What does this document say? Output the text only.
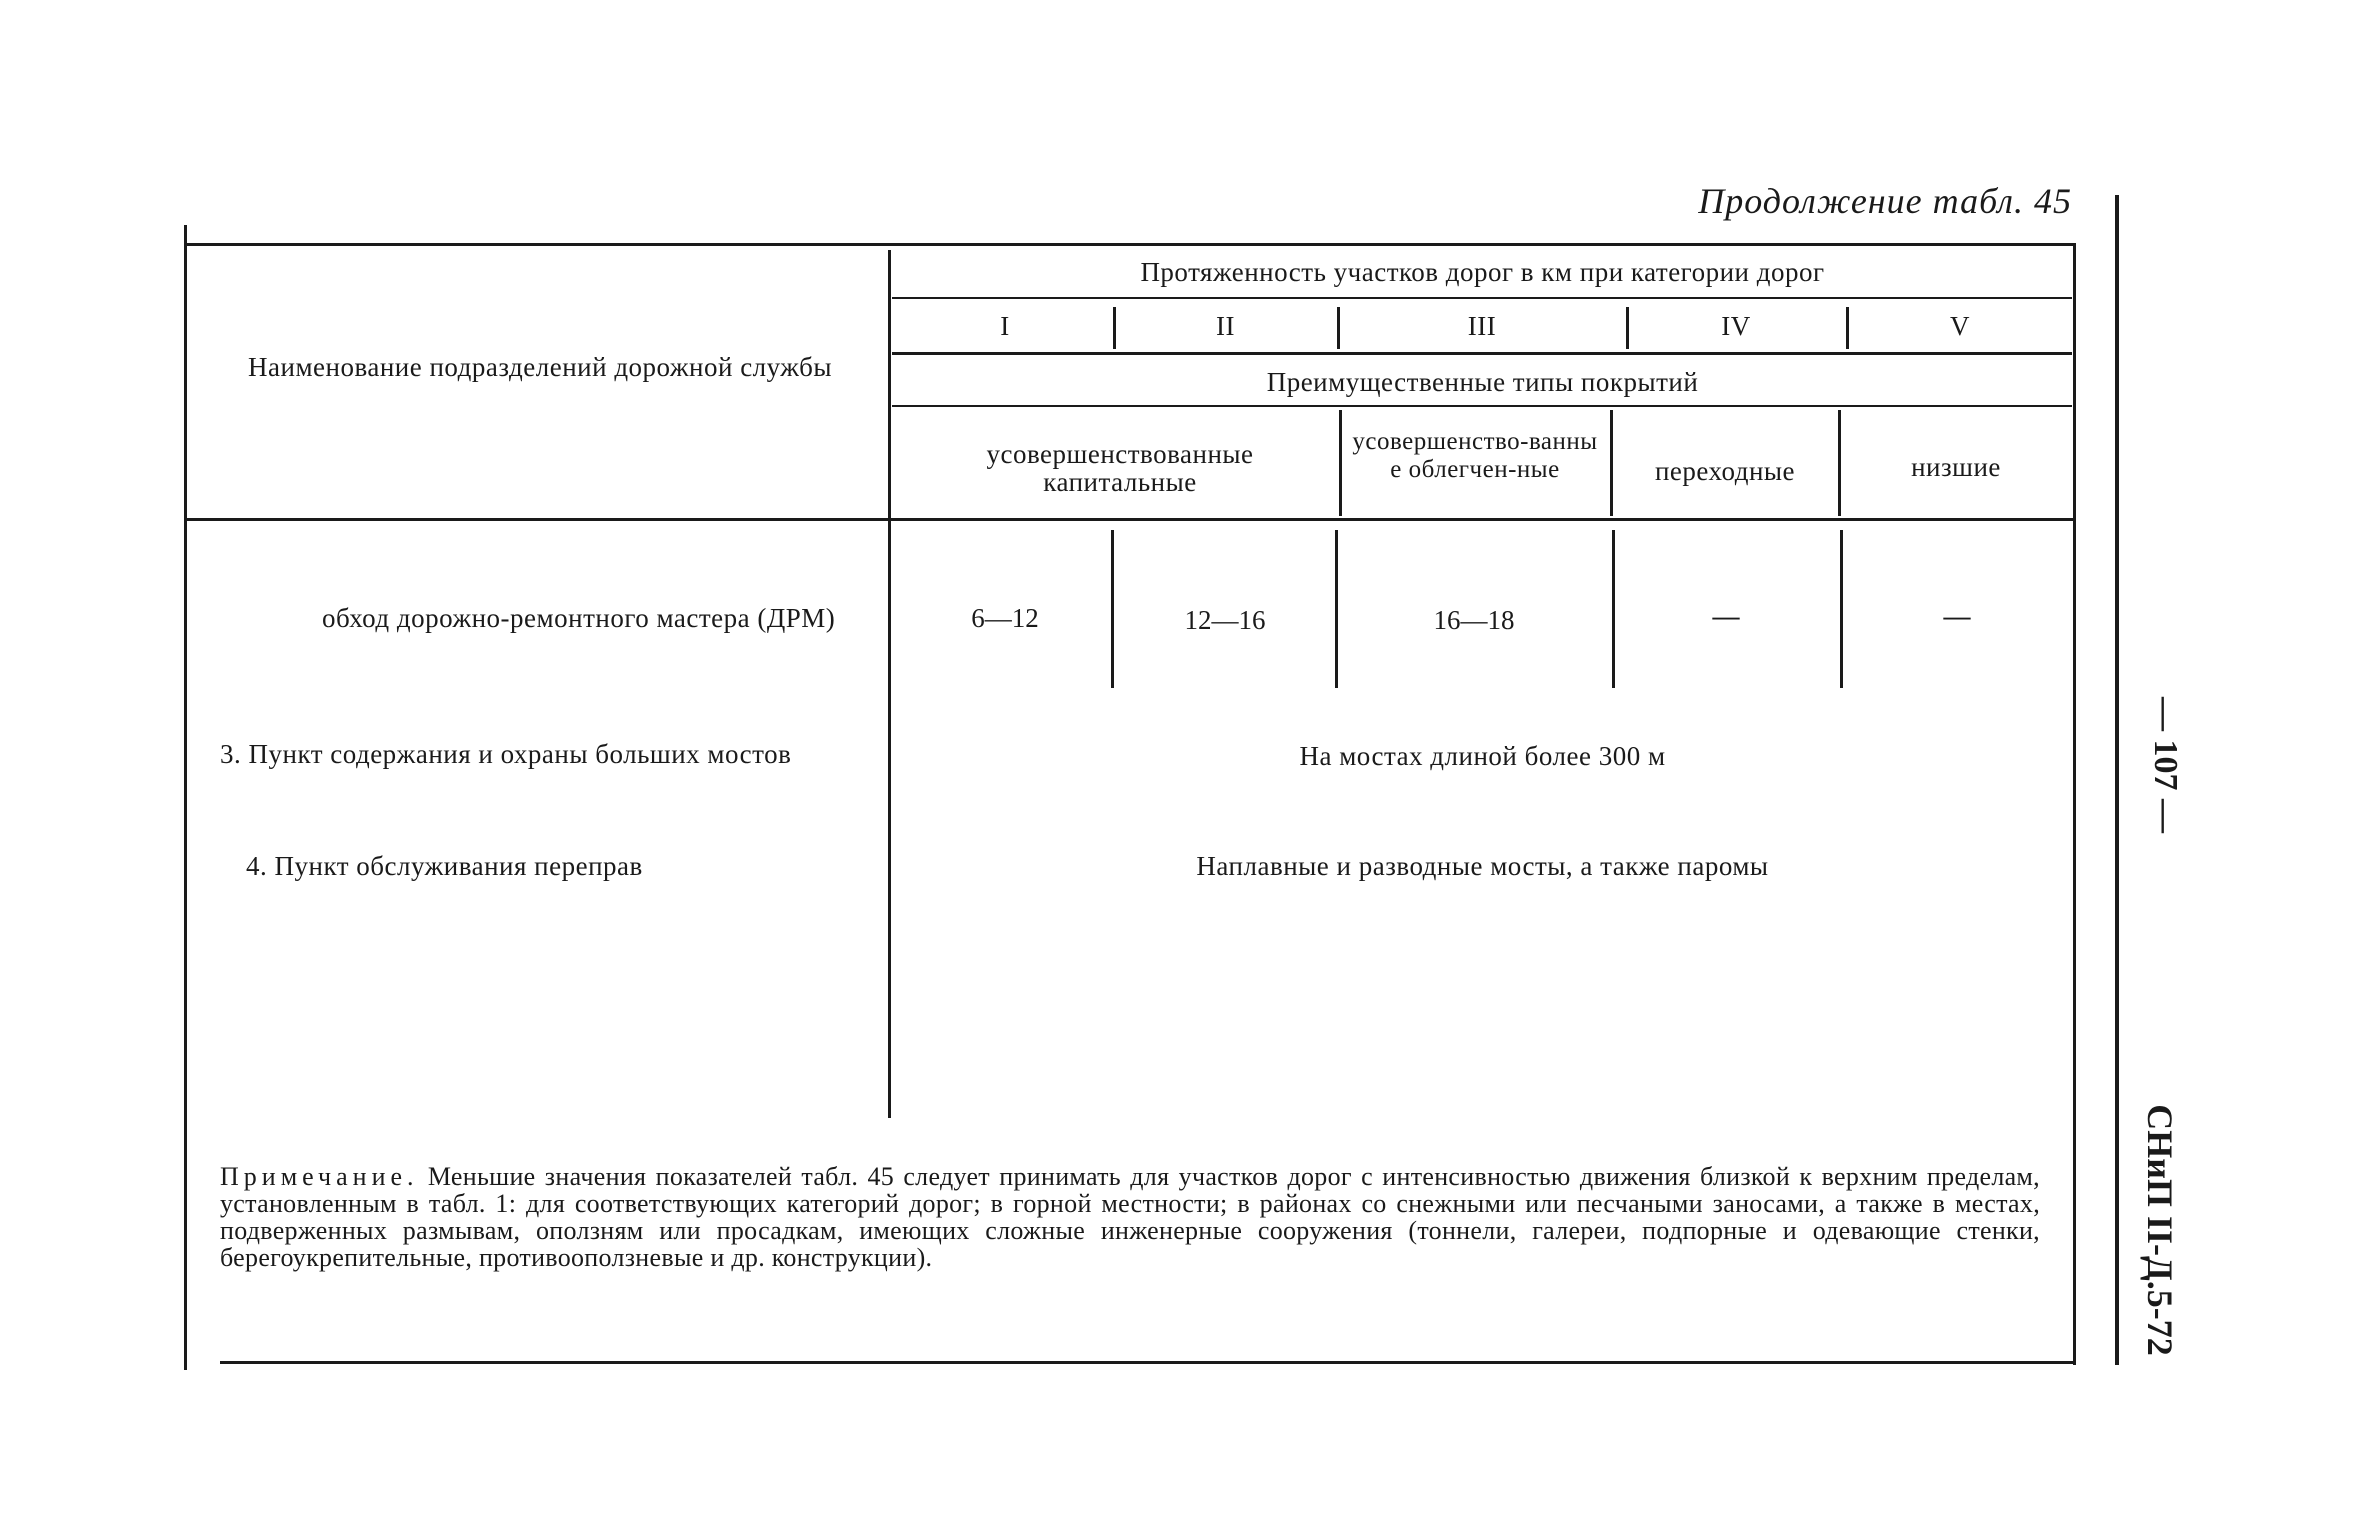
Продолжение табл. 45
— 107 —
СНиП II-Д.5-72
Наименование подразделений дорожной службы
Протяженность участков дорог в км при категории дорог
I	II	III	IV	V
Преимущественные типы покрытий
усовершенствованные капитальные
усовершенство-ванные облегчен-ные	переходные	низшие
обход дорожно-ремонтного мастера (ДРМ)	6—12	12—16	16—18	—	—
3. Пункт содержания и охраны больших мостов	На мостах длиной более 300 м
4. Пункт обслуживания переправ	Наплавные и разводные мосты, а также паромы
Примечание. Меньшие значения показателей табл. 45 следует принимать для участков дорог с интенсивностью движения близкой к верхним пределам, установленным в табл. 1: для соответствующих категорий дорог; в горной местности; в районах со снежными или песчаными заносами, а также в местах, подверженных размывам, оползням или просадкам, имеющих сложные инженерные сооружения (тоннели, галереи, подпорные и одевающие стенки, берегоукрепительные, противооползневые и др. конструкции).
